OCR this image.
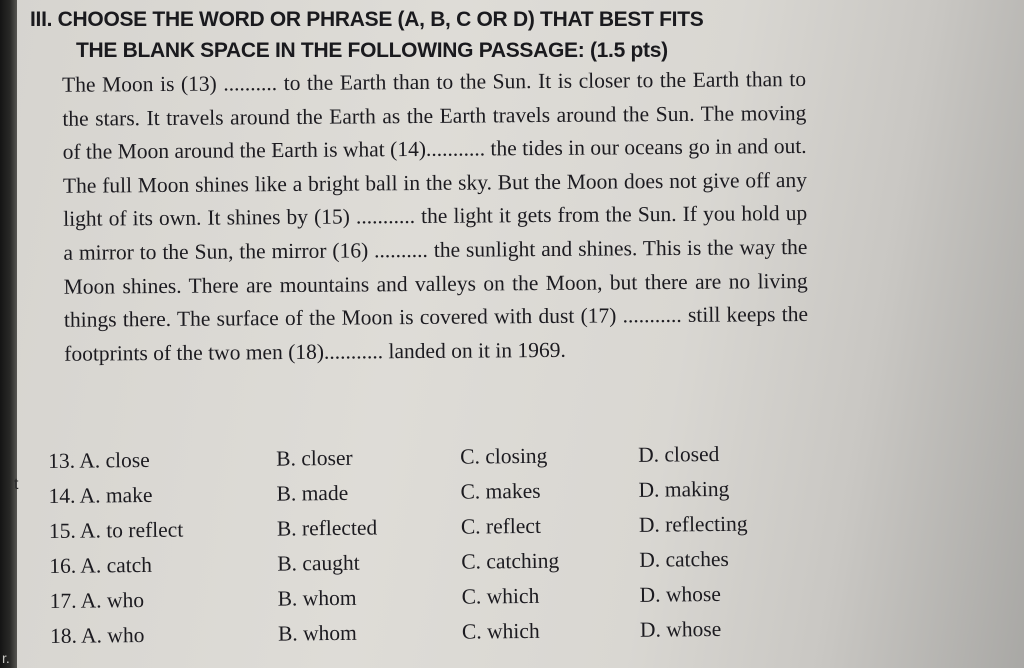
t
r.
III. CHOOSE THE WORD OR PHRASE (A, B, C OR D) THAT BEST FITS
THE BLANK SPACE IN THE FOLLOWING PASSAGE: (1.5 pts)
The Moon is (13) .......... to the Earth than to the Sun. It is closer to the Earth than to the stars. It travels around the Earth as the Earth travels around the Sun. The moving of the Moon around the Earth is what (14)........... the tides in our oceans go in and out. The full Moon shines like a bright ball in the sky. But the Moon does not give off any light of its own. It shines by (15) ........... the light it gets from the Sun. If you hold up a mirror to the Sun, the mirror (16) .......... the sunlight and shines. This is the way the Moon shines. There are mountains and valleys on the Moon, but there are no living things there. The surface of the Moon is covered with dust (17) ........... still keeps the footprints of the two men (18)........... landed on it in 1969.
13. A. close	B. closer	C. closing	D. closed
14. A. make	B. made	C. makes	D. making
15. A. to reflect	B. reflected	C. reflect	D. reflecting
16. A. catch	B. caught	C. catching	D. catches
17. A. who	B. whom	C. which	D. whose
18. A. who	B. whom	C. which	D. whose
